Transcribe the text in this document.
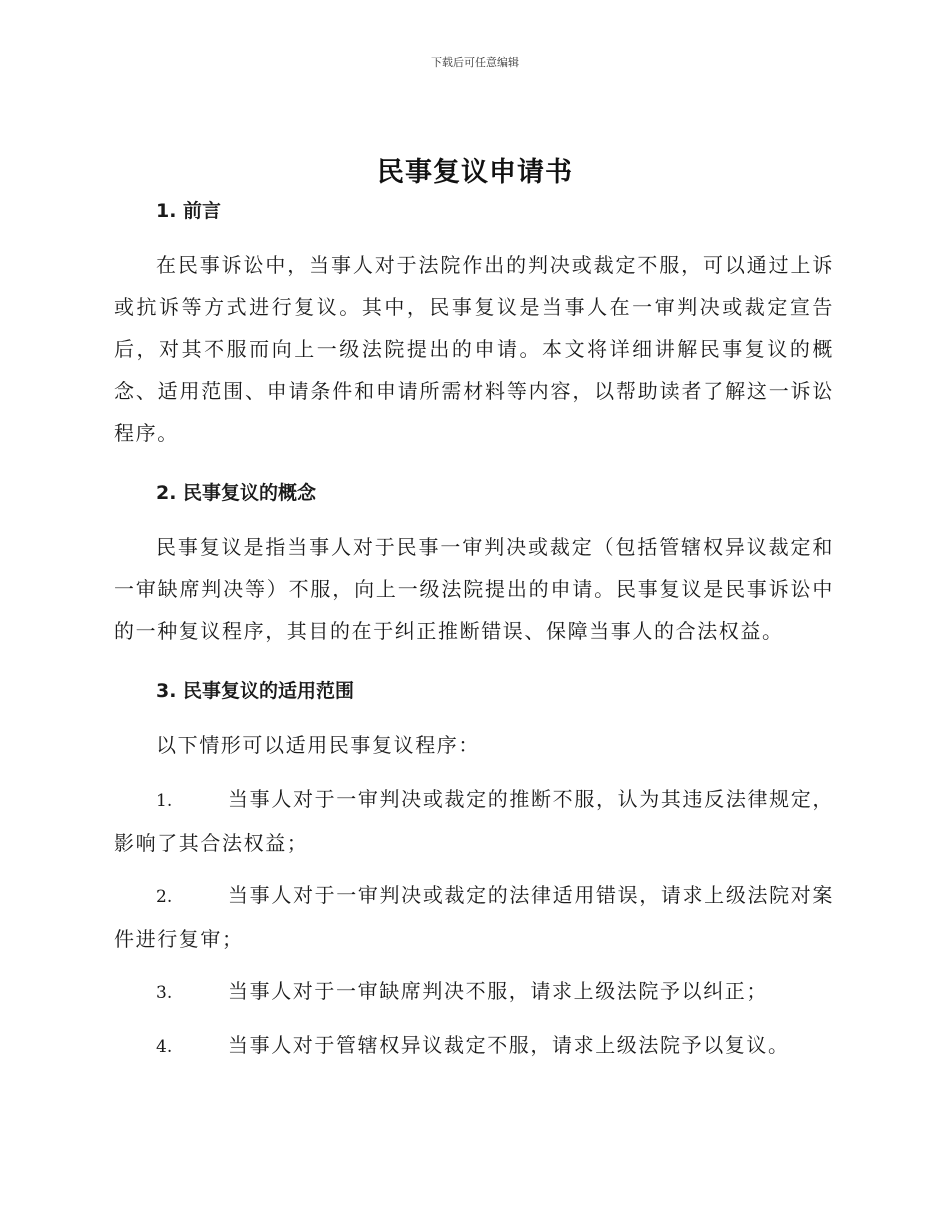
下载后可任意编辑
民事复议申请书
1. 前言

在民事诉讼中，当事人对于法院作出的判决或裁定不服，可以通过上诉或抗诉等方式进行复议。其中，民事复议是当事人在一审判决或裁定宣告后，对其不服而向上一级法院提出的申请。本文将详细讲解民事复议的概念、适用范围、申请条件和申请所需材料等内容，以帮助读者了解这一诉讼程序。

2. 民事复议的概念

民事复议是指当事人对于民事一审判决或裁定（包括管辖权异议裁定和一审缺席判决等）不服，向上一级法院提出的申请。民事复议是民事诉讼中的一种复议程序，其目的在于纠正推断错误、保障当事人的合法权益。

3. 民事复议的适用范围

以下情形可以适用民事复议程序：

1.	当事人对于一审判决或裁定的推断不服，认为其违反法律规定，影响了其合法权益；

2.	当事人对于一审判决或裁定的法律适用错误，请求上级法院对案件进行复审；

3.	当事人对于一审缺席判决不服，请求上级法院予以纠正；

4.	当事人对于管辖权异议裁定不服，请求上级法院予以复议。
